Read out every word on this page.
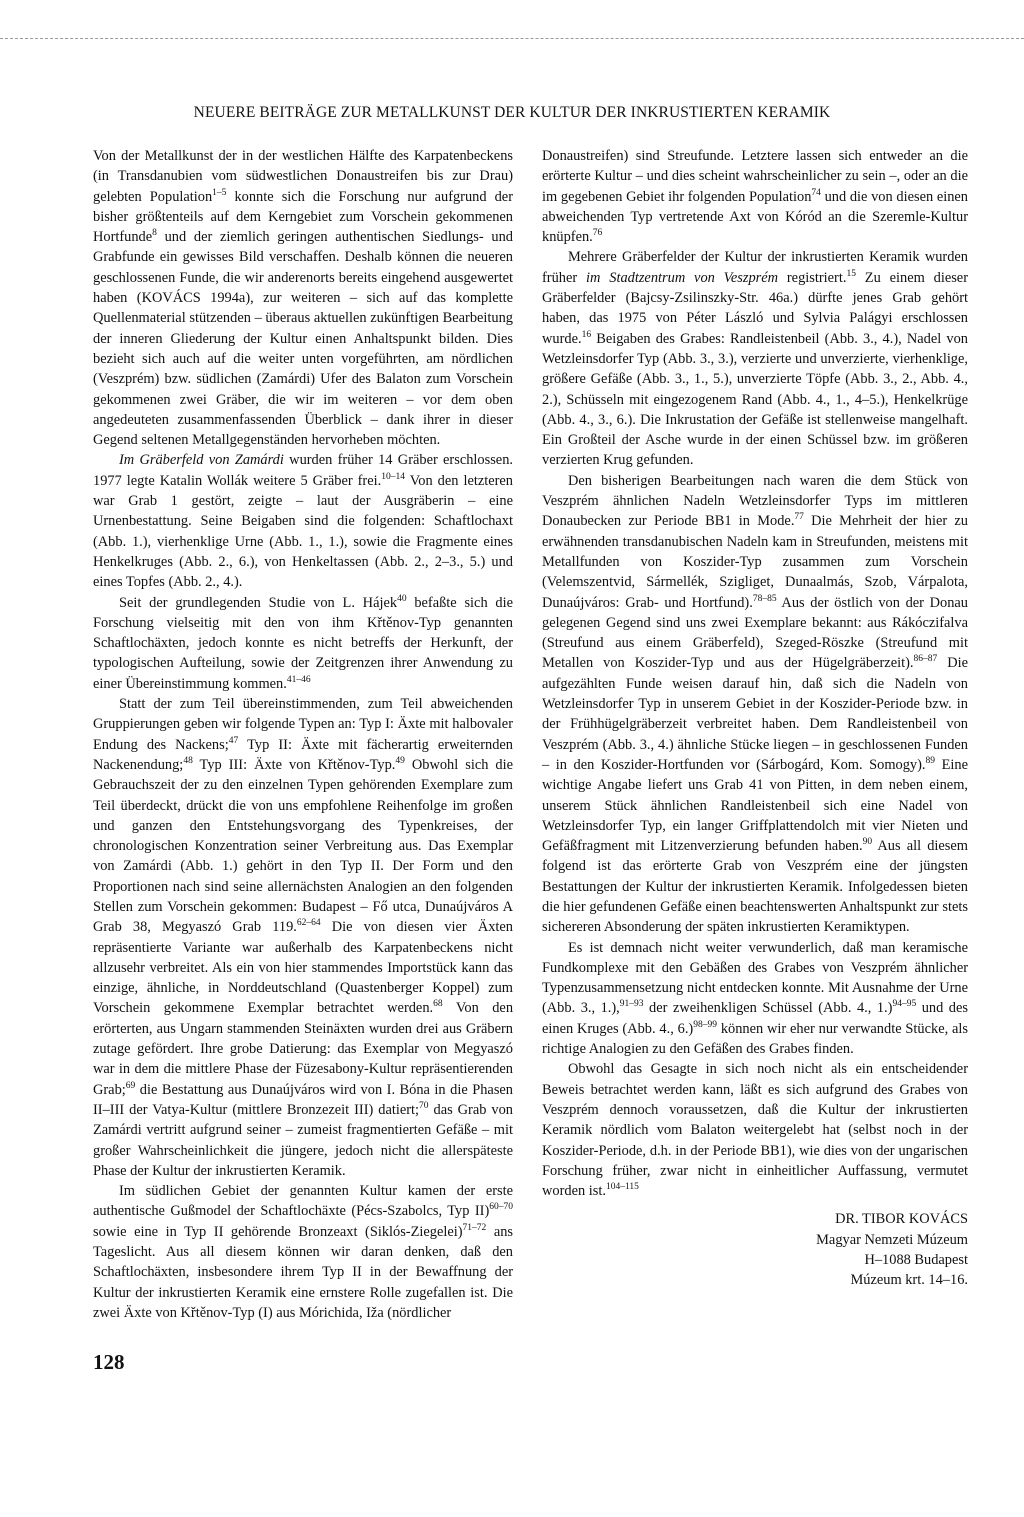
NEUERE BEITRÄGE ZUR METALLKUNST DER KULTUR DER INKRUSTIERTEN KERAMIK

Von der Metallkunst der in der westlichen Hälfte des Karpatenbeckens (in Transdanubien vom südwestlichen Donaustreifen bis zur Drau) gelebten Population$^{1-5}$ konnte sich die Forschung nur aufgrund der bisher größtenteils auf dem Kerngebiet zum Vorschein gekommenen Hortfunde$^8$ und der ziemlich geringen authentischen Siedlungs- und Grabfunde ein gewisses Bild verschaffen. Deshalb können die neueren geschlossenen Funde, die wir anderenorts bereits eingehend ausgewertet haben (KOVÁCS 1994a), zur weiteren – sich auf das komplette Quellenmaterial stützenden – überaus aktuellen zukünftigen Bearbeitung der inneren Gliederung der Kultur einen Anhaltspunkt bilden. Dies bezieht sich auch auf die weiter unten vorgeführten, am nördlichen (Veszprém) bzw. südlichen (Zamárdi) Ufer des Balaton zum Vorschein gekommenen zwei Gräber, die wir im weiteren – vor dem oben angedeuteten zusammenfassenden Überblick – dank ihrer in dieser Gegend seltenen Metallgegenständen hervorheben möchten.

Im Gräberfeld von Zamárdi wurden früher 14 Gräber erschlossen. 1977 legte Katalin Wollák weitere 5 Gräber frei.$^{10-14}$ Von den letzteren war Grab 1 gestört, zeigte – laut der Ausgräberin – eine Urnenbestattung. Seine Beigaben sind die folgenden: Schaftlochaxt (Abb. 1.), vierhenklige Urne (Abb. 1., 1.), sowie die Fragmente eines Henkelkruges (Abb. 2., 6.), von Henkeltassen (Abb. 2., 2–3., 5.) und eines Topfes (Abb. 2., 4.).

Seit der grundlegenden Studie von L. Hájek$^{40}$ befaßte sich die Forschung vielseitig mit den von ihm Křtěnov-Typ genannten Schaftlochäxten, jedoch konnte es nicht betreffs der Herkunft, der typologischen Aufteilung, sowie der Zeitgrenzen ihrer Anwendung zu einer Übereinstimmung kommen.$^{41-46}$

Statt der zum Teil übereinstimmenden, zum Teil abweichenden Gruppierungen geben wir folgende Typen an: Typ I: Äxte mit halbovaler Endung des Nackens;$^{47}$ Typ II: Äxte mit fächerartig erweiternden Nackenendung;$^{48}$ Typ III: Äxte von Křtěnov-Typ.$^{49}$ Obwohl sich die Gebrauchszeit der zu den einzelnen Typen gehörenden Exemplare zum Teil überdeckt, drückt die von uns empfohlene Reihenfolge im großen und ganzen den Entstehungsvorgang des Typenkreises, der chronologischen Konzentration seiner Verbreitung aus. Das Exemplar von Zamárdi (Abb. 1.) gehört in den Typ II. Der Form und den Proportionen nach sind seine allernächsten Analogien an den folgenden Stellen zum Vorschein gekommen: Budapest – Fő utca, Dunaújváros A Grab 38, Megyaszó Grab 119.$^{62-64}$ Die von diesen vier Äxten repräsentierte Variante war außerhalb des Karpatenbeckens nicht allzusehr verbreitet. Als ein von hier stammendes Importstück kann das einzige, ähnliche, in Norddeutschland (Quastenberger Koppel) zum Vorschein gekommene Exemplar betrachtet werden.$^{68}$ Von den erörterten, aus Ungarn stammenden Steinäxten wurden drei aus Gräbern zutage gefördert. Ihre grobe Datierung: das Exemplar von Megyaszó war in dem die mittlere Phase der Füzesabony-Kultur repräsentierenden Grab;$^{69}$ die Bestattung aus Dunaújváros wird von I. Bóna in die Phasen II–III der Vatya-Kultur (mittlere Bronzezeit III) datiert;$^{70}$ das Grab von Zamárdi vertritt aufgrund seiner – zumeist fragmentierten Gefäße – mit großer Wahrscheinlichkeit die jüngere, jedoch nicht die allerspäteste Phase der Kultur der inkrustierten Keramik.

Im südlichen Gebiet der genannten Kultur kamen der erste authentische Gußmodel der Schaftlochäxte (Pécs-Szabolcs, Typ II)$^{60-70}$ sowie eine in Typ II gehörende Bronzeaxt (Siklós-Ziegelei)$^{71-72}$ ans Tageslicht. Aus all diesem können wir daran denken, daß den Schaftlochäxten, insbesondere ihrem Typ II in der Bewaffnung der Kultur der inkrustierten Keramik eine ernstere Rolle zugefallen ist. Die zwei Äxte von Křtěnov-Typ (I) aus Mórichida, Iža (nördlicher

Donaustreifen) sind Streufunde. Letztere lassen sich entweder an die erörterte Kultur – und dies scheint wahrscheinlicher zu sein –, oder an die im gegebenen Gebiet ihr folgenden Population$^{74}$ und die von diesen einen abweichenden Typ vertretende Axt von Kóród an die Szeremle-Kultur knüpfen.$^{76}$

Mehrere Gräberfelder der Kultur der inkrustierten Keramik wurden früher im Stadtzentrum von Veszprém registriert.$^{15}$ Zu einem dieser Gräberfelder (Bajcsy-Zsilinszky-Str. 46a.) dürfte jenes Grab gehört haben, das 1975 von Péter László und Sylvia Palágyi erschlossen wurde.$^{16}$ Beigaben des Grabes: Randleistenbeil (Abb. 3., 4.), Nadel von Wetzleinsdorfer Typ (Abb. 3., 3.), verzierte und unverzierte, vierhenklige, größere Gefäße (Abb. 3., 1., 5.), unverzierte Töpfe (Abb. 3., 2., Abb. 4., 2.), Schüsseln mit eingezogenem Rand (Abb. 4., 1., 4–5.), Henkelkrüge (Abb. 4., 3., 6.). Die Inkrustation der Gefäße ist stellenweise mangelhaft. Ein Großteil der Asche wurde in der einen Schüssel bzw. im größeren verzierten Krug gefunden.

Den bisherigen Bearbeitungen nach waren die dem Stück von Veszprém ähnlichen Nadeln Wetzleinsdorfer Typs im mittleren Donaubecken zur Periode BB1 in Mode.$^{77}$ Die Mehrheit der hier zu erwähnenden transdanubischen Nadeln kam in Streufunden, meistens mit Metallfunden von Koszider-Typ zusammen zum Vorschein (Velemszentvid, Sármellék, Szigliget, Dunaalmás, Szob, Várpalota, Dunaújváros: Grab- und Hortfund).$^{78-85}$ Aus der östlich von der Donau gelegenen Gegend sind uns zwei Exemplare bekannt: aus Rákóczifalva (Streufund aus einem Gräberfeld), Szeged-Röszke (Streufund mit Metallen von Koszider-Typ und aus der Hügelgräberzeit).$^{86-87}$ Die aufgezählten Funde weisen darauf hin, daß sich die Nadeln von Wetzleinsdorfer Typ in unserem Gebiet in der Koszider-Periode bzw. in der Frühhügelgräberzeit verbreitet haben. Dem Randleistenbeil von Veszprém (Abb. 3., 4.) ähnliche Stücke liegen – in geschlossenen Funden – in den Koszider-Hortfunden vor (Sárbogárd, Kom. Somogy).$^{89}$ Eine wichtige Angabe liefert uns Grab 41 von Pitten, in dem neben einem, unserem Stück ähnlichen Randleistenbeil sich eine Nadel von Wetzleinsdorfer Typ, ein langer Griffplattendolch mit vier Nieten und Gefäßfragment mit Litzenverzierung befunden haben.$^{90}$ Aus all diesem folgend ist das erörterte Grab von Veszprém eine der jüngsten Bestattungen der Kultur der inkrustierten Keramik. Infolgedessen bieten die hier gefundenen Gefäße einen beachtenswerten Anhaltspunkt zur stets sichereren Absonderung der späten inkrustierten Keramiktypen.

Es ist demnach nicht weiter verwunderlich, daß man keramische Fundkomplexe mit den Gebäßen des Grabes von Veszprém ähnlicher Typenzusammensetzung nicht entdecken konnte. Mit Ausnahme der Urne (Abb. 3., 1.),$^{91-93}$ der zweihenkligen Schüssel (Abb. 4., 1.)$^{94-95}$ und des einen Kruges (Abb. 4., 6.)$^{98-99}$ können wir eher nur verwandte Stücke, als richtige Analogien zu den Gefäßen des Grabes finden.

Obwohl das Gesagte in sich noch nicht als ein entscheidender Beweis betrachtet werden kann, läßt es sich aufgrund des Grabes von Veszprém dennoch voraussetzen, daß die Kultur der inkrustierten Keramik nördlich vom Balaton weitergelebt hat (selbst noch in der Koszider-Periode, d.h. in der Periode BB1), wie dies von der ungarischen Forschung früher, zwar nicht in einheitlicher Auffassung, vermutet worden ist.$^{104-115}$

DR. TIBOR KOVÁCS
Magyar Nemzeti Múzeum
H–1088 Budapest
Múzeum krt. 14–16.
128
